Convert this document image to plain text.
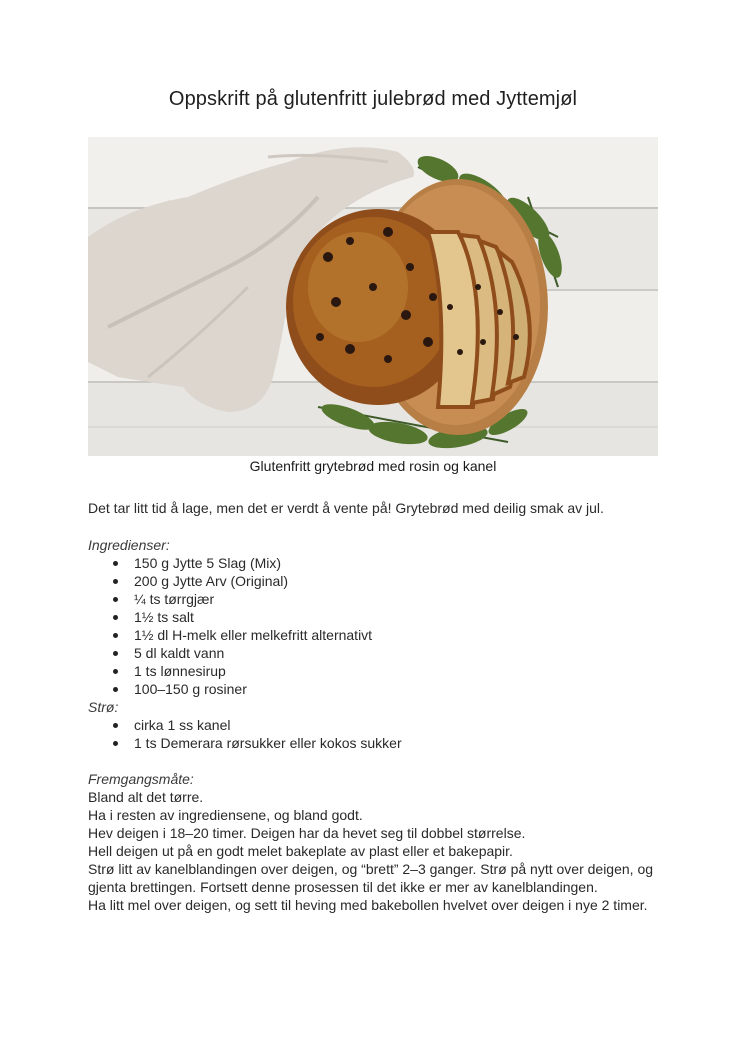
Oppskrift på glutenfritt julebrød med Jyttemjøl
Glutenfritt grytebrød med rosin og kanel
Det tar litt tid å lage, men det er verdt å vente på! Grytebrød med deilig smak av jul.
Ingredienser:
150 g Jytte 5 Slag (Mix)
200 g Jytte Arv (Original)
¼ ts tørrgjær
1½ ts salt
1½ dl H-melk eller melkefritt alternativt
5 dl kaldt vann
1 ts lønnesirup
100–150 g rosiner
Strø:
cirka 1 ss kanel
1 ts Demerara rørsukker eller kokos sukker
Fremgangsmåte:

Bland alt det tørre.

Ha i resten av ingrediensene, og bland godt.

Hev deigen i 18–20 timer. Deigen har da hevet seg til dobbel størrelse.

Hell deigen ut på en godt melet bakeplate av plast eller et bakepapir.

Strø litt av kanelblandingen over deigen, og “brett” 2–3 ganger. Strø på nytt over deigen, og gjenta brettingen. Fortsett denne prosessen til det ikke er mer av kanelblandingen.

Ha litt mel over deigen, og sett til heving med bakebollen hvelvet over deigen i nye 2 timer.
